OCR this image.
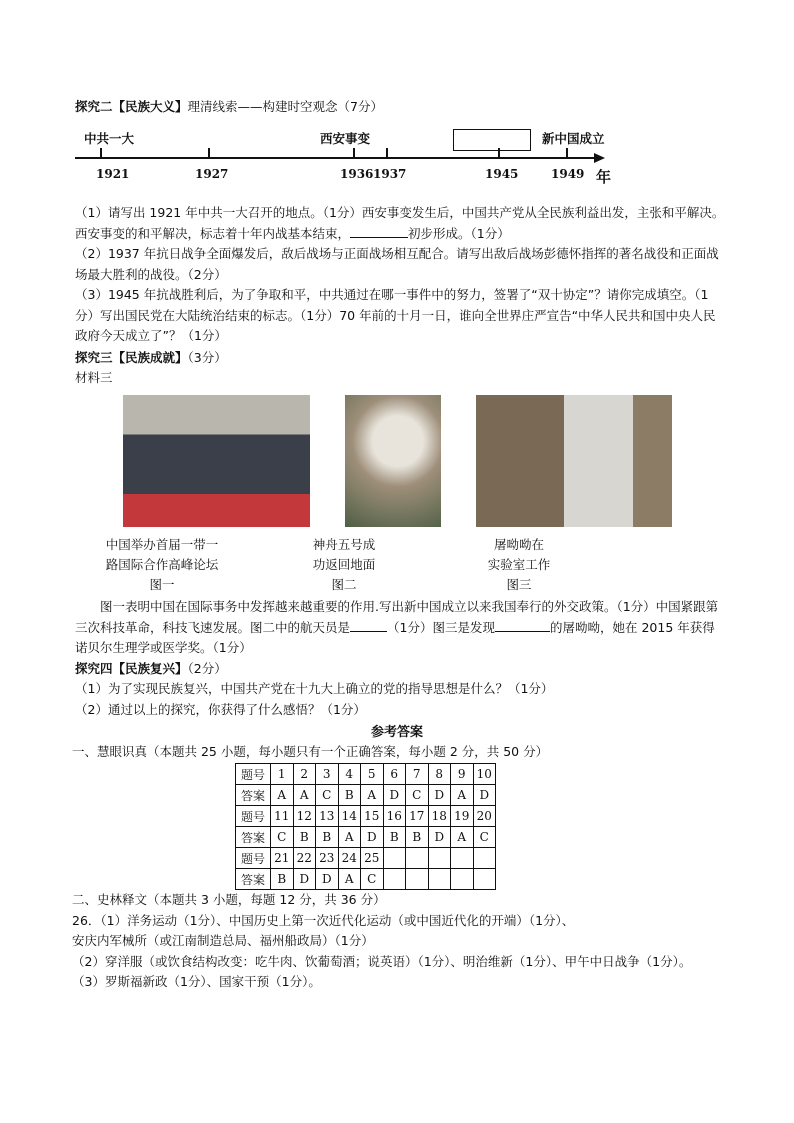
探究二【民族大义】理清线索——构建时空观念（7分）
中共一大	西安事变	新中国成立
1921	1927	1936 1937	1945	1949 年

（1）请写出 1921 年中共一大召开的地点。（1分）西安事变发生后，中国共产党从全民族利益出发，主张和平解决。西安事变的和平解决，标志着十年内战基本结束，	初步形成。（1分）

（2）1937 年抗日战争全面爆发后，敌后战场与正面战场相互配合。请写出敌后战场彭德怀指挥的著名战役和正面战场最大胜利的战役。（2分）

（3）1945 年抗战胜利后，为了争取和平，中共通过在哪一事件中的努力，签署了“双十协定”？请你完成填空。（1分）写出国民党在大陆统治结束的标志。（1分）70 年前的十月一日，谁向全世界庄严宣告“中华人民共和国中央人民政府今天成立了”？（1分）

探究三【民族成就】（3分）
材料三
中国举办首届一带一
路国际合作高峰论坛
图一
神舟五号成
功返回地面
图二
屠呦呦在
实验室工作
图三
图一表明中国在国际事务中发挥越来越重要的作用.写出新中国成立以来我国奉行的外交政策。（1分）中国紧跟第三次科技革命，科技飞速发展。图二中的航天员是	（1分）图三是发现	的屠呦呦，她在 2015 年获得诺贝尔生理学或医学奖。（1分）
探究四【民族复兴】（2分）

（1）为了实现民族复兴，中国共产党在十九大上确立的党的指导思想是什么？（1分）

（2）通过以上的探究，你获得了什么感悟？（1分）

参考答案
一、慧眼识真（本题共 25 小题，每小题只有一个正确答案，每小题 2 分，共 50 分）
题号	1	2	3	4	5	6	7	8	9	10
答案	A	A	C	B	A	D	C	D	A	D
题号	11	12	13	14	15	16	17	18	19	20
答案	C	B	B	A	D	B	B	D	A	C
题号	21	22	23	24	25					
答案	B	D	D	A	C					

二、史林释文（本题共 3 小题，每题 12 分，共 36 分）

26．（1）洋务运动（1分）、中国历史上第一次近代化运动（或中国近代化的开端）（1分）、

安庆内军械所（或江南制造总局、福州船政局）（1分）

（2）穿洋服（或饮食结构改变：吃牛肉、饮葡萄酒；说英语）（1分）、明治维新（1分）、甲午中日战争（1分）。

（3）罗斯福新政（1分）、国家干预（1分）。
